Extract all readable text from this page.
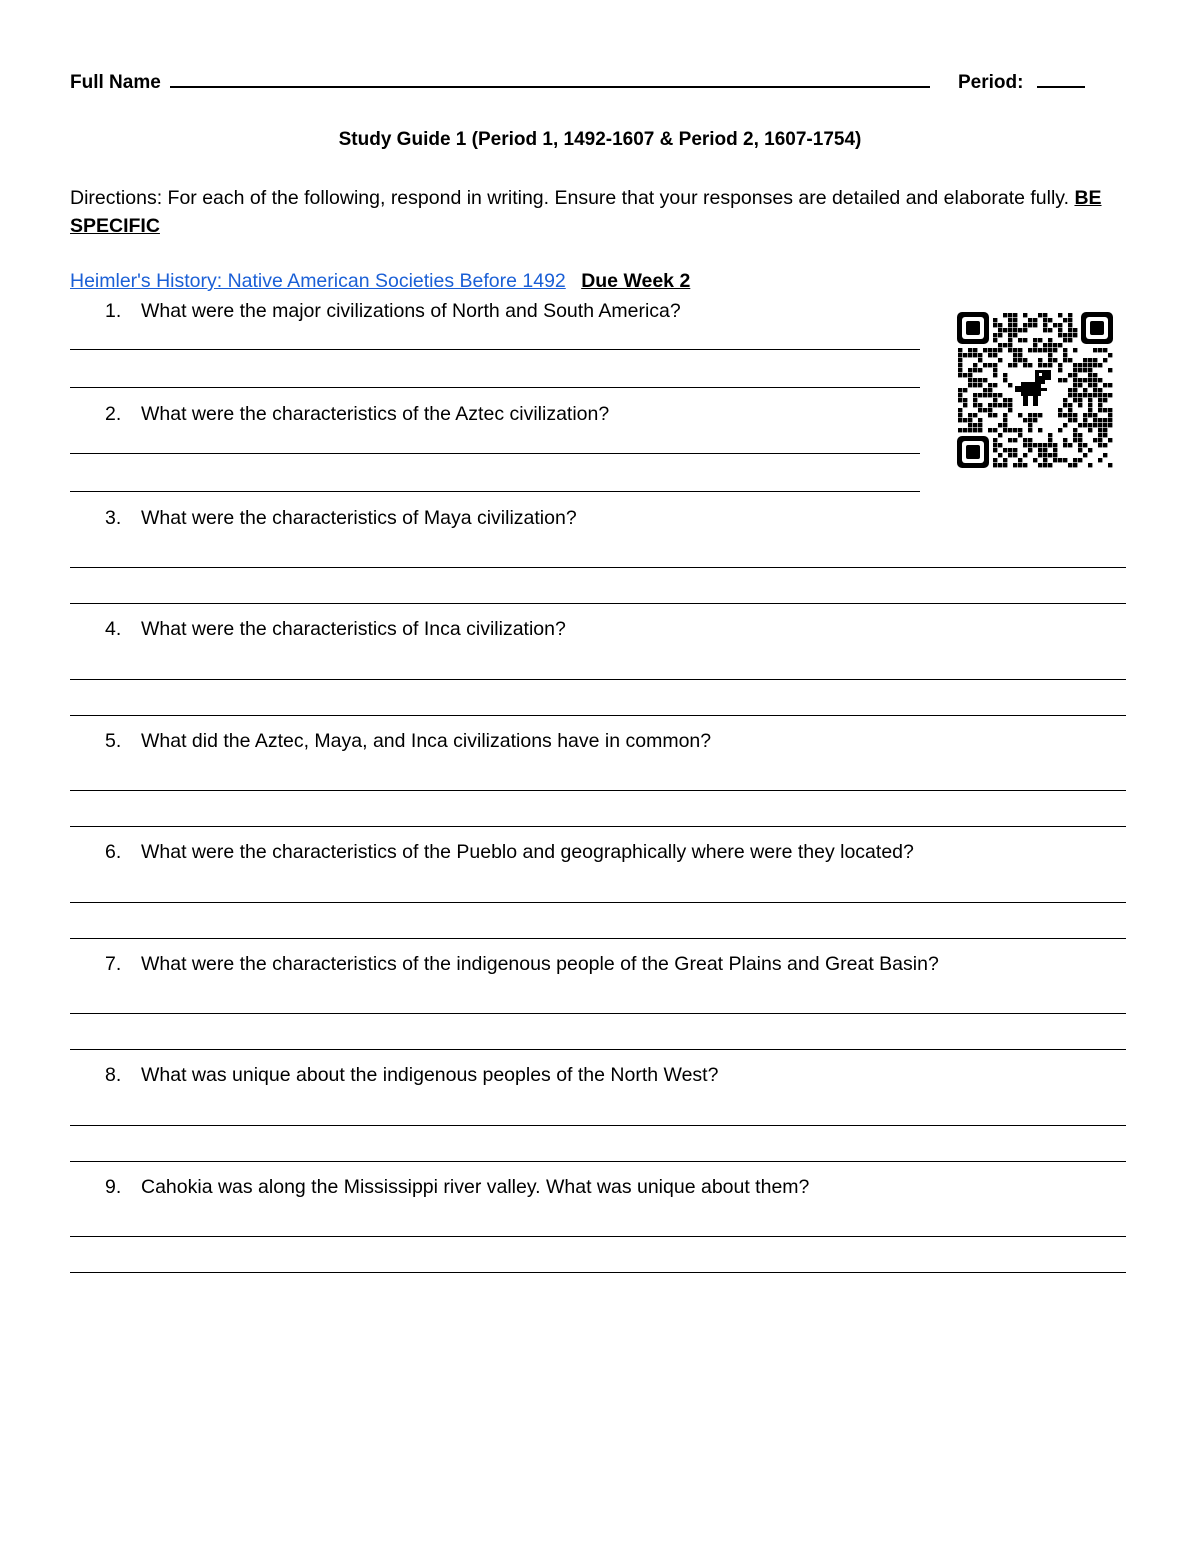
Full Name	Period:
Study Guide 1 (Period 1, 1492-1607 & Period 2, 1607-1754)
Directions: For each of the following, respond in writing. Ensure that your responses are detailed and elaborate fully. BE SPECIFIC
Heimler's History: Native American Societies Before 1492 Due Week 2
1. What were the major civilizations of North and South America?
2. What were the characteristics of the Aztec civilization?
3. What were the characteristics of Maya civilization?
4. What were the characteristics of Inca civilization?
5. What did the Aztec, Maya, and Inca civilizations have in common?
6. What were the characteristics of the Pueblo and geographically where were they located?
7. What were the characteristics of the indigenous people of the Great Plains and Great Basin?
8. What was unique about the indigenous peoples of the North West?
9. Cahokia was along the Mississippi river valley. What was unique about them?
